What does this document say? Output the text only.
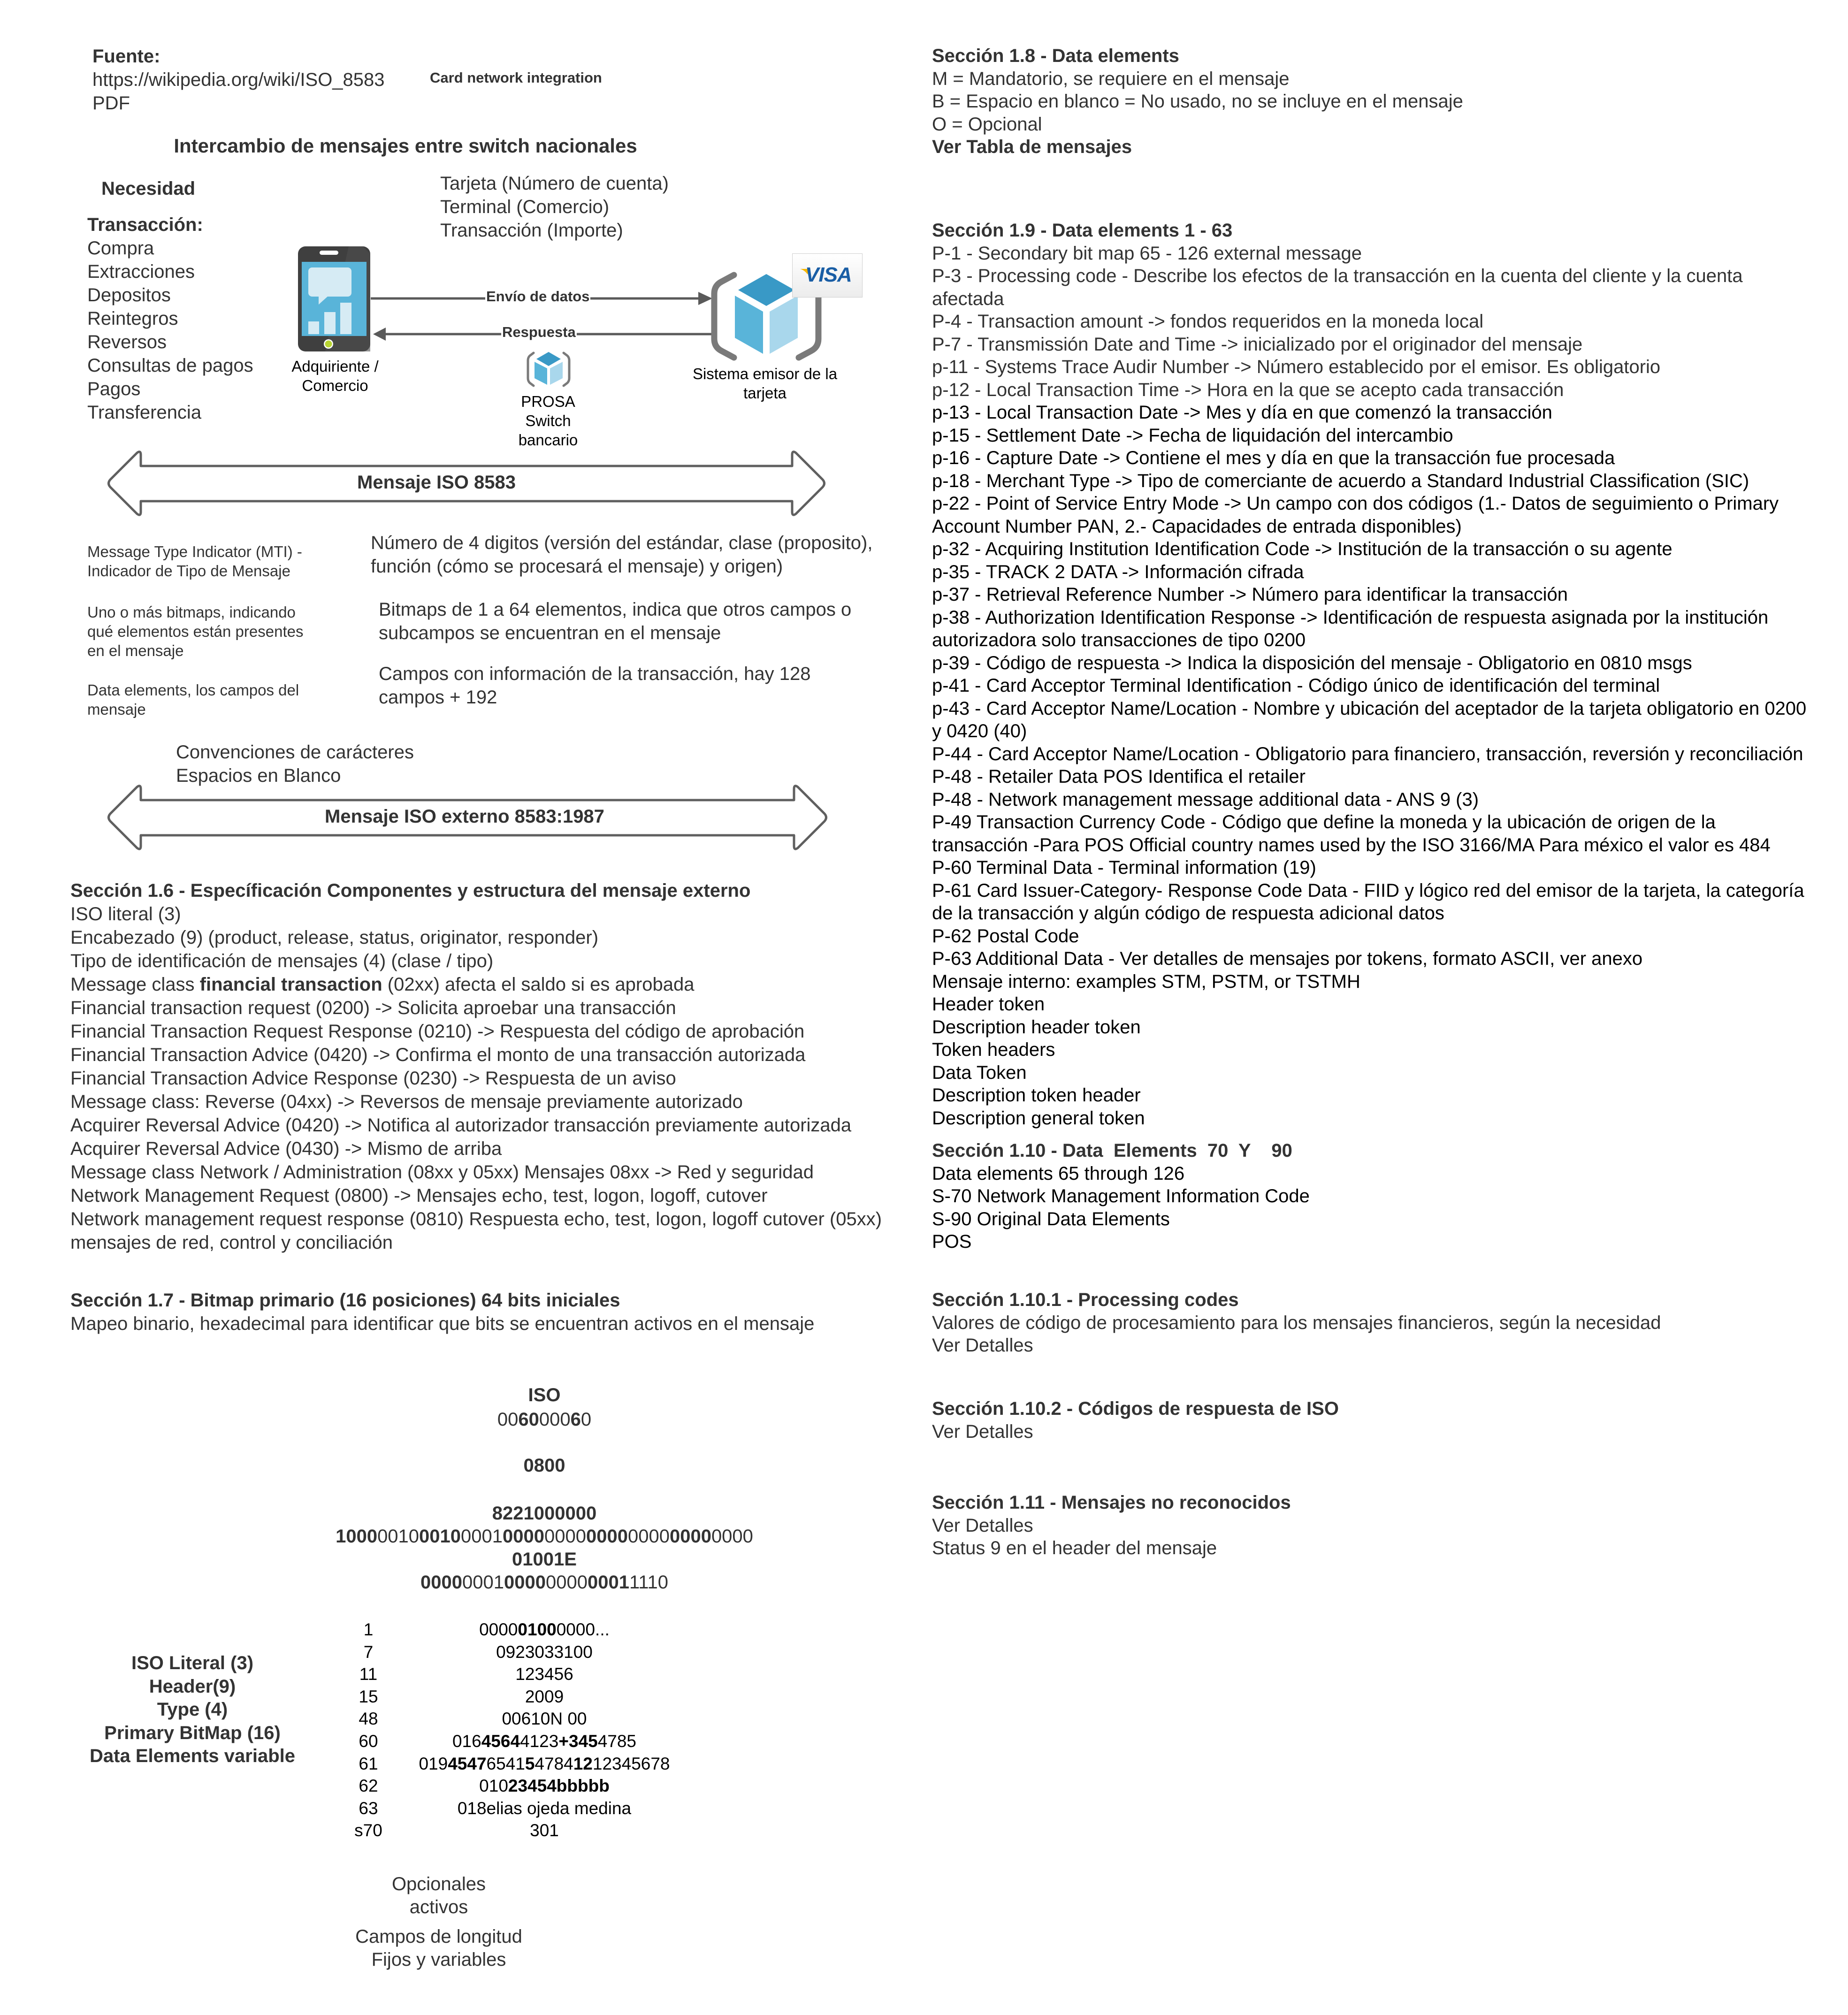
Fuente:
https://wikipedia.org/wiki/ISO_8583
PDF
Card network integration
Intercambio de mensajes entre switch nacionales
Necesidad	Tarjeta (Número de cuenta)
Terminal (Comercio)
Transacción (Importe)
Transacción:
Compra
Extracciones
Depositos
Reintegros
Reversos
Consultas de pagos
Pagos
Transferencia
Envío de datos
Respuesta
Adquiriente /
Comercio
PROSA
Switch
bancario
VISA
Sistema emisor de la
tarjeta
Mensaje ISO 8583
Message Type Indicator (MTI) -
Indicador de Tipo de Mensaje
Número de 4 digitos (versión del estándar, clase (proposito),
función (cómo se procesará el mensaje) y origen)
Uno o más bitmaps, indicando
qué elementos están presentes
en el mensaje
Bitmaps de 1 a 64 elementos, indica que otros campos o
subcampos se encuentran en el mensaje
Data elements, los campos del
mensaje
Campos con información de la transacción, hay 128
campos + 192
Convenciones de carácteres
Espacios en Blanco
Mensaje ISO externo 8583:1987
Sección 1.6 - Específicación Componentes y estructura del mensaje externo
ISO literal (3)
Encabezado (9) (product, release, status, originator, responder)
Tipo de identificación de mensajes (4) (clase / tipo)
Message class financial transaction (02xx) afecta el saldo si es aprobada
Financial transaction request (0200) -> Solicita aproebar una transacción
Financial Transaction Request Response (0210) -> Respuesta del código de aprobación
Financial Transaction Advice (0420) -> Confirma el monto de una transacción autorizada
Financial Transaction Advice Response (0230) -> Respuesta de un aviso
Message class: Reverse (04xx) -> Reversos de mensaje previamente autorizado
Acquirer Reversal Advice (0420) -> Notifica al autorizador transacción previamente autorizada
Acquirer Reversal Advice (0430) -> Mismo de arriba
Message class Network / Administration (08xx y 05xx) Mensajes 08xx -> Red y seguridad
Network Management Request (0800) -> Mensajes echo, test, logon, logoff, cutover
Network management request response (0810) Respuesta echo, test, logon, logoff cutover (05xx)
mensajes de red, control y conciliación
Sección 1.7 - Bitmap primario (16 posiciones) 64 bits iniciales
Mapeo binario, hexadecimal para identificar que bits se encuentran activos en el mensaje
ISO
006000060
0800
8221000000
1000001000100001000000000000000000000000
01001E
000000010000000000011110
1	000001000000...
7	0923033100
11	123456
15	2009
48	00610N 00
60	01645644123+3454785
61	01945476541547841212345678
62	01023454bbbbb
63	018elias ojeda medina
s70	301
ISO Literal (3)
Header(9)
Type (4)
Primary BitMap (16)
Data Elements variable
Opcionales
activos
Campos de longitud
Fijos y variables
Sección 1.8 - Data elements
M = Mandatorio, se requiere en el mensaje
B = Espacio en blanco = No usado, no se incluye en el mensaje
O = Opcional
Ver Tabla de mensajes
Sección 1.9 - Data elements 1 - 63
P-1 - Secondary bit map 65 - 126 external message
P-3 - Processing code - Describe los efectos de la transacción en la cuenta del cliente y la cuenta
afectada
P-4 - Transaction amount -> fondos requeridos en la moneda local
P-7 - Transmissión Date and Time -> inicializado por el originador del mensaje
p-11 - Systems Trace Audir Number -> Número establecido por el emisor. Es obligatorio
p-12 - Local Transaction Time -> Hora en la que se acepto cada transacción
p-13 - Local Transaction Date -> Mes y día en que comenzó la transacción
p-15 - Settlement Date -> Fecha de liquidación del intercambio
p-16 - Capture Date -> Contiene el mes y día en que la transacción fue procesada
p-18 - Merchant Type -> Tipo de comerciante de acuerdo a Standard Industrial Classification (SIC)
p-22 - Point of Service Entry Mode -> Un campo con dos códigos (1.- Datos de seguimiento o Primary
Account Number PAN, 2.- Capacidades de entrada disponibles)
p-32 - Acquiring Institution Identification Code -> Institución de la transacción o su agente
p-35 - TRACK 2 DATA -> Información cifrada
p-37 - Retrieval Reference Number -> Número para identificar la transacción
p-38 - Authorization Identification Response -> Identificación de respuesta asignada por la institución
autorizadora solo transacciones de tipo 0200
p-39 - Código de respuesta -> Indica la disposición del mensaje - Obligatorio en 0810 msgs
p-41 - Card Acceptor Terminal Identification - Código único de identificación del terminal
p-43 - Card Acceptor Name/Location - Nombre y ubicación del aceptador de la tarjeta obligatorio en 0200
y 0420 (40)
P-44 - Card Acceptor Name/Location - Obligatorio para financiero, transacción, reversión y reconciliación
P-48 - Retailer Data POS Identifica el retailer
P-48 - Network management message additional data - ANS 9 (3)
P-49 Transaction Currency Code - Código que define la moneda y la ubicación de origen de la
transacción -Para POS Official country names used by the ISO 3166/MA Para méxico el valor es 484
P-60 Terminal Data - Terminal information (19)
P-61 Card Issuer-Category- Response Code Data - FIID y lógico red del emisor de la tarjeta, la categoría
de la transacción y algún código de respuesta adicional datos
P-62 Postal Code
P-63 Additional Data - Ver detalles de mensajes por tokens, formato ASCII, ver anexo
Mensaje interno: examples STM, PSTM, or TSTMH
Header token
Description header token
Token headers
Data Token
Description token header
Description general token
Sección 1.10 - Data  Elements  70  Y    90
Data elements 65 through 126
S-70 Network Management Information Code
S-90 Original Data Elements
POS
Sección 1.10.1 - Processing codes
Valores de código de procesamiento para los mensajes financieros, según la necesidad
Ver Detalles
Sección 1.10.2 - Códigos de respuesta de ISO
Ver Detalles
Sección 1.11 - Mensajes no reconocidos
Ver Detalles
Status 9 en el header del mensaje
